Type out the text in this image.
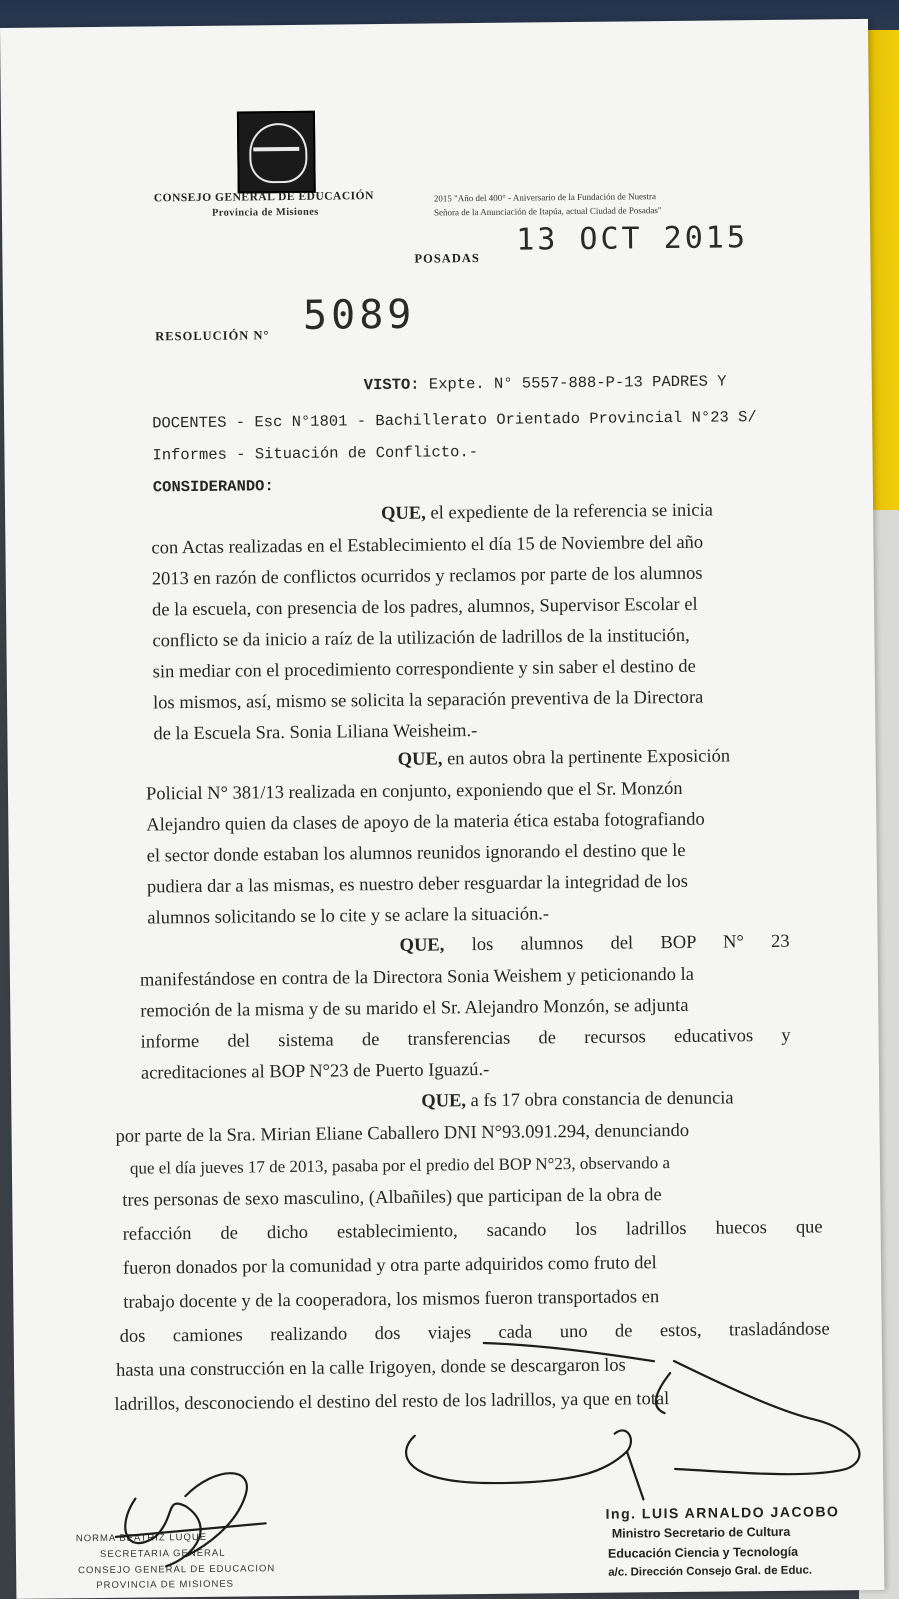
CONSEJO GENERAL DE EDUCACIÓN
Provincia de Misiones
2015 "Año del 400° - Aniversario de la Fundación de Nuestra
Señora de la Anunciación de Itapúa, actual Ciudad de Posadas"
POSADAS
13 OCT 2015
RESOLUCIÓN N° 5089
VISTO: Expte. N° 5557-888-P-13 PADRES Y
DOCENTES - Esc N°1801 - Bachillerato Orientado Provincial N°23 S/
Informes - Situación de Conflicto.-
CONSIDERANDO:
QUE, el expediente de la referencia se inicia
con Actas realizadas en el Establecimiento el día 15 de Noviembre del año
2013 en razón de conflictos ocurridos y reclamos por parte de los alumnos
de la escuela, con presencia de los padres, alumnos, Supervisor Escolar el
conflicto se da inicio a raíz de la utilización de ladrillos de la institución,
sin mediar con el procedimiento correspondiente y sin saber el destino de
los mismos, así, mismo se solicita la separación preventiva de la Directora
de la Escuela Sra. Sonia Liliana Weisheim.-
QUE, en autos obra la pertinente Exposición
Policial N° 381/13 realizada en conjunto, exponiendo que el Sr. Monzón
Alejandro quien da clases de apoyo de la materia ética estaba fotografiando
el sector donde estaban los alumnos reunidos ignorando el destino que le
pudiera dar a las mismas, es nuestro deber resguardar la integridad de los
alumnos solicitando se lo cite y se aclare la situación.-
QUE, los alumnos del BOP N° 23
manifestándose en contra de la Directora Sonia Weishem y peticionando la
remoción de la misma y de su marido el Sr. Alejandro Monzón, se adjunta
informe del sistema de transferencias de recursos educativos y
acreditaciones al BOP N°23 de Puerto Iguazú.-
QUE, a fs 17 obra constancia de denuncia
por parte de la Sra. Mirian Eliane Caballero DNI N°93.091.294, denunciando
que el día jueves 17 de 2013, pasaba por el predio del BOP N°23, observando a
tres personas de sexo masculino, (Albañiles) que participan de la obra de
refacción de dicho establecimiento, sacando los ladrillos huecos que
fueron donados por la comunidad y otra parte adquiridos como fruto del
trabajo docente y de la cooperadora, los mismos fueron transportados en
dos camiones realizando dos viajes cada uno de estos, trasladándose
hasta una construcción en la calle Irigoyen, donde se descargaron los
ladrillos, desconociendo el destino del resto de los ladrillos, ya que en total
NORMA BEATRIZ LUQUE
SECRETARIA GENERAL
CONSEJO GENERAL DE EDUCACION
PROVINCIA DE MISIONES
Ing. LUIS ARNALDO JACOBO
Ministro Secretario de Cultura
Educación Ciencia y Tecnología
a/c. Dirección Consejo Gral. de Educ.
